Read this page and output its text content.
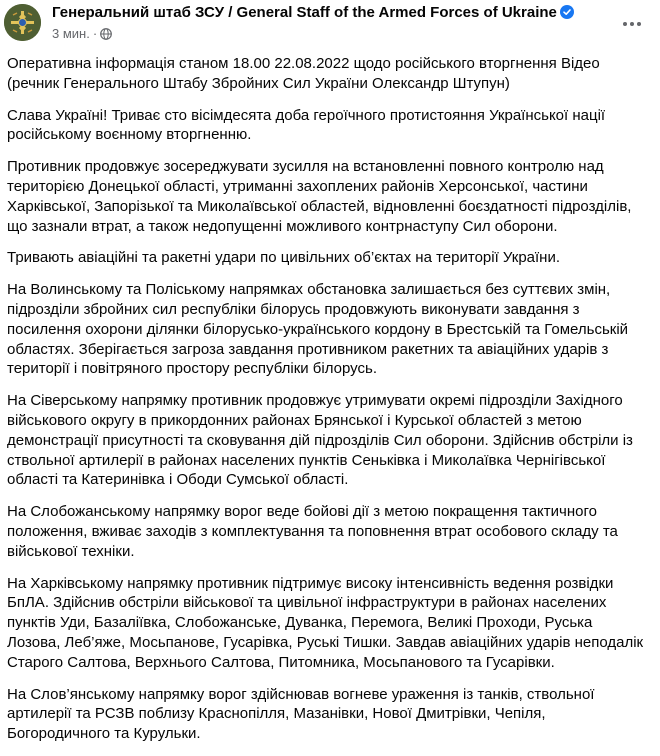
Генеральний штаб ЗСУ / General Staff of the Armed Forces of Ukraine
3 мин. ·

Оперативна інформація станом 18.00 22.08.2022 щодо російського вторгнення Відео (речник Генерального Штабу Збройних Сил України Олександр Штупун)

Слава Україні! Триває сто вісімдесята доба героїчного протистояння Української нації російському воєнному вторгненню.

Противник продовжує зосереджувати зусилля на встановленні повного контролю над територією Донецької області, утриманні захоплених районів Херсонської, частини Харківської, Запорізької та Миколаївської областей, відновленні боєздатності підрозділів, що зазнали втрат, а також недопущенні можливого контрнаступу Сил оборони.

Тривають авіаційні та ракетні удари по цивільних об’єктах на території України.

На Волинському та Поліському напрямках обстановка залишається без суттєвих змін, підрозділи збройних сил республіки білорусь продовжують виконувати завдання з посилення охорони ділянки білорусько-українського кордону в Брестській та Гомельській областях. Зберігається загроза завдання противником ракетних та авіаційних ударів з території і повітряного простору республіки білорусь.

На Сіверському напрямку противник продовжує утримувати окремі підрозділи Західного військового округу в прикордонних районах Брянської і Курської областей з метою демонстрації присутності та сковування дій підрозділів Сил оборони. Здійснив обстріли із ствольної артилерії в районах населених пунктів Сеньківка і Миколаївка Чернігівської області та Катеринівка і Ободи Сумської області.

На Слобожанському напрямку ворог веде бойові дії з метою покращення тактичного положення, вживає заходів з комплектування та поповнення втрат особового складу та військової техніки.

На Харківському напрямку противник підтримує високу інтенсивність ведення розвідки БпЛА. Здійснив обстріли військової та цивільної інфраструктури в районах населених пунктів Уди, Базаліївка, Слобожанське, Дуванка, Перемога, Великі Проходи, Руська Лозова, Леб’яже, Мосьпанове, Гусарівка, Руські Тишки. Завдав авіаційних ударів неподалік Старого Салтова, Верхнього Салтова, Питомника, Мосьпанового та Гусарівки.

На Слов’янському напрямку ворог здійснював вогневе ураження із танків, ствольної артилерії та РСЗВ поблизу Краснопілля, Мазанівки, Нової Дмитрівки, Чепіля, Богородичного та Курульки.
